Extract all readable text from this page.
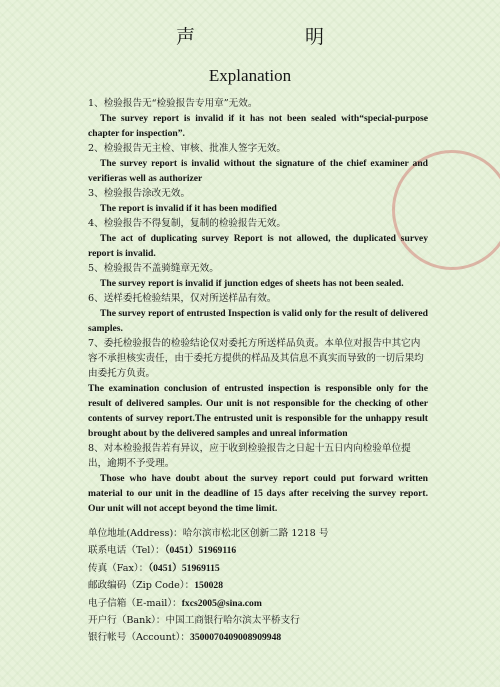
声 明
Explanation
1、检验报告无“检验报告专用章”无效。
The survey report is invalid if it has not been sealed with“special-purpose chapter for inspection”.
2、检验报告无主检、审核、批准人签字无效。
The survey report is invalid without the signature of the chief examiner and verifieras well as authorizer
3、检验报告涂改无效。
The report is invalid if it has been modified
4、检验报告不得复制，复制的检验报告无效。
The act of duplicating survey Report is not allowed, the duplicated survey report is invalid.
5、检验报告不盖骑缝章无效。
The survey report is invalid if junction edges of sheets has not been sealed.
6、送样委托检验结果，仅对所送样品有效。
The survey report of entrusted Inspection is valid only for the result of delivered samples.
7、委托检验报告的检验结论仅对委托方所送样品负责。本单位对报告中其它内容不承担核实责任，由于委托方提供的样品及其信息不真实而导致的一切后果均由委托方负责。
The examination conclusion of entrusted inspection is responsible only for the result of delivered samples. Our unit is not responsible for the checking of other contents of survey report.The entrusted unit is responsible for the unhappy result brought about by the delivered samples and unreal information
8、对本检验报告若有异议，应于收到检验报告之日起十五日内向检验单位提出，逾期不予受理。
Those who have doubt about the survey report could put forward written material to our unit in the deadline of 15 days after receiving the survey report. Our unit will not accept beyond the time limit.
单位地址(Address)：哈尔滨市松北区创新二路 1218 号
联系电话（Tel）：（0451）51969116
传真（Fax）：（0451）51969115
邮政编码（Zip Code）：150028
电子信箱（E-mail）：fxcs2005@sina.com
开户行（Bank）：中国工商银行哈尔滨太平桥支行
银行帐号（Account）：3500070409008909948
